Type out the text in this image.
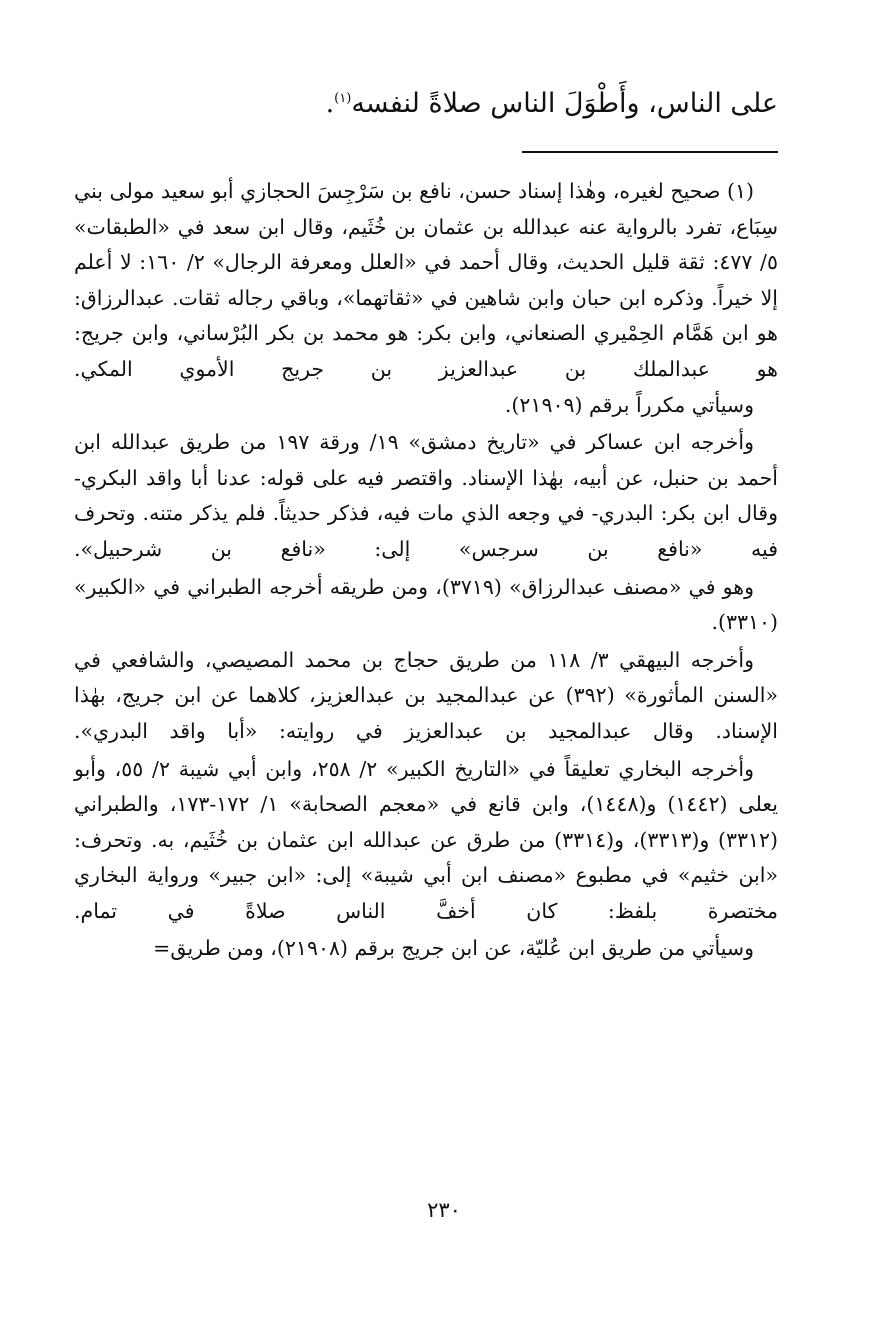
على الناس، وأَطْوَلَ الناس صلاةً لنفسه$^{(١)}$.

(١) صحيح لغيره، وهٰذا إسناد حسن، نافع بن سَرْجِسَ الحجازي أبو سعيد مولى بني سِبَاع، تفرد بالرواية عنه عبدالله بن عثمان بن خُثَيم، وقال ابن سعد في «الطبقات» ٥/ ٤٧٧: ثقة قليل الحديث، وقال أحمد في «العلل ومعرفة الرجال» ٢/ ١٦٠: لا أعلم إلا خيراً. وذكره ابن حبان وابن شاهين في «ثقاتهما»، وباقي رجاله ثقات. عبدالرزاق: هو ابن هَمَّام الحِمْيري الصنعاني، وابن بكر: هو محمد بن بكر البُرْساني، وابن جريج: هو عبدالملك بن عبدالعزيز بن جريج الأموي المكي.

وسيأتي مكرراً برقم (٢١٩٠٩).

وأخرجه ابن عساكر في «تاريخ دمشق» ١٩/ ورقة ١٩٧ من طريق عبدالله ابن أحمد بن حنبل، عن أبيه، بهٰذا الإسناد. واقتصر فيه على قوله: عدنا أبا واقد البكري- وقال ابن بكر: البدري- في وجعه الذي مات فيه، فذكر حديثاً. فلم يذكر متنه. وتحرف فيه «نافع بن سرجس» إلى: «نافع بن شرحبيل».

وهو في «مصنف عبدالرزاق» (٣٧١٩)، ومن طريقه أخرجه الطبراني في «الكبير» (٣٣١٠).

وأخرجه البيهقي ٣/ ١١٨ من طريق حجاج بن محمد المصيصي، والشافعي في «السنن المأثورة» (٣٩٢) عن عبدالمجيد بن عبدالعزيز، كلاهما عن ابن جريج، بهٰذا الإسناد. وقال عبدالمجيد بن عبدالعزيز في روايته: «أبا واقد البدري».

وأخرجه البخاري تعليقاً في «التاريخ الكبير» ٢/ ٢٥٨، وابن أبي شيبة ٢/ ٥٥، وأبو يعلى (١٤٤٢) و(١٤٤٨)، وابن قانع في «معجم الصحابة» ١/ ١٧٢-١٧٣، والطبراني (٣٣١٢) و(٣٣١٣)، و(٣٣١٤) من طرق عن عبدالله ابن عثمان بن خُثَيم، به. وتحرف: «ابن خثيم» في مطبوع «مصنف ابن أبي شيبة» إلى: «ابن جبير» ورواية البخاري مختصرة بلفظ: كان أخفَّ الناس صلاةً في تمام.

وسيأتي من طريق ابن عُليّة، عن ابن جريج برقم (٢١٩٠٨)، ومن طريق=

٢٣٠
